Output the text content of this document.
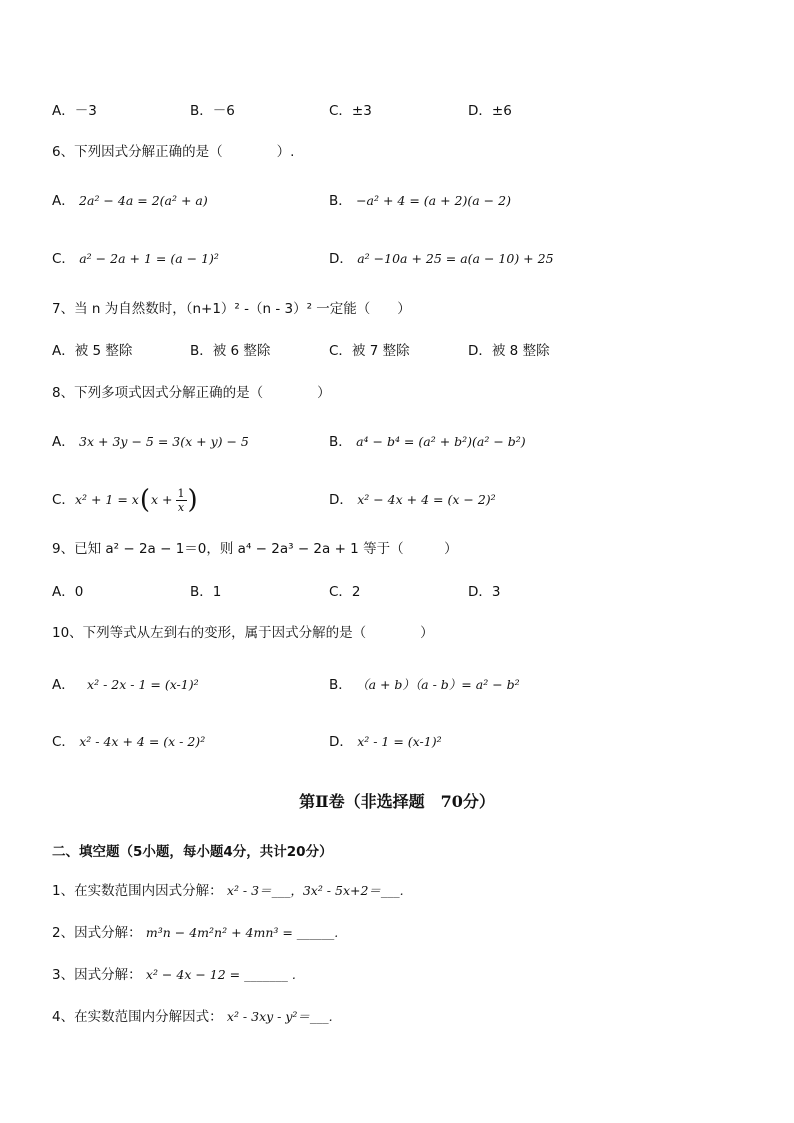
A．－3	B．－6	C．±3	D．±6
6、下列因式分解正确的是（　　　　）.
A． 2a² − 4a = 2(a² + a)	B． −a² + 4 = (a + 2)(a − 2)
C． a² − 2a + 1 = (a − 1)²	D． a² −10a + 25 = a(a − 10) + 25
7、当 n 为自然数时，（n+1）² -（n - 3）² 一定能（　　）
A．被 5 整除	B．被 6 整除	C．被 7 整除	D．被 8 整除
8、下列多项式因式分解正确的是（　　　　）
A． 3x + 3y − 5 = 3(x + y) − 5	B． a⁴ − b⁴ = (a² + b²)(a² − b²)
C． x² + 1 = x ( $x + \frac{1}{x}$ )	D． x² − 4x + 4 = (x − 2)²
9、已知 a² − 2a − 1＝0，则 a⁴ − 2a³ − 2a + 1 等于（　　　）
A．0	B．1	C．2	D．3
10、下列等式从左到右的变形，属于因式分解的是（　　　　）
A． x² - 2x - 1 = (x-1)²	B． （a + b）（a - b）= a² − b²
C． x² - 4x + 4 = (x - 2)²	D． x² - 1 = (x-1)²
第Ⅱ卷（非选择题　70分）
二、填空题（5小题，每小题4分，共计20分）
1、在实数范围内因式分解： x² - 3＝___，3x² - 5x+2＝___.
2、因式分解： m³n − 4m²n² + 4mn³ = ______.
3、因式分解： x² − 4x − 12 = _______ .
4、在实数范围内分解因式： x² - 3xy - y²＝___.
